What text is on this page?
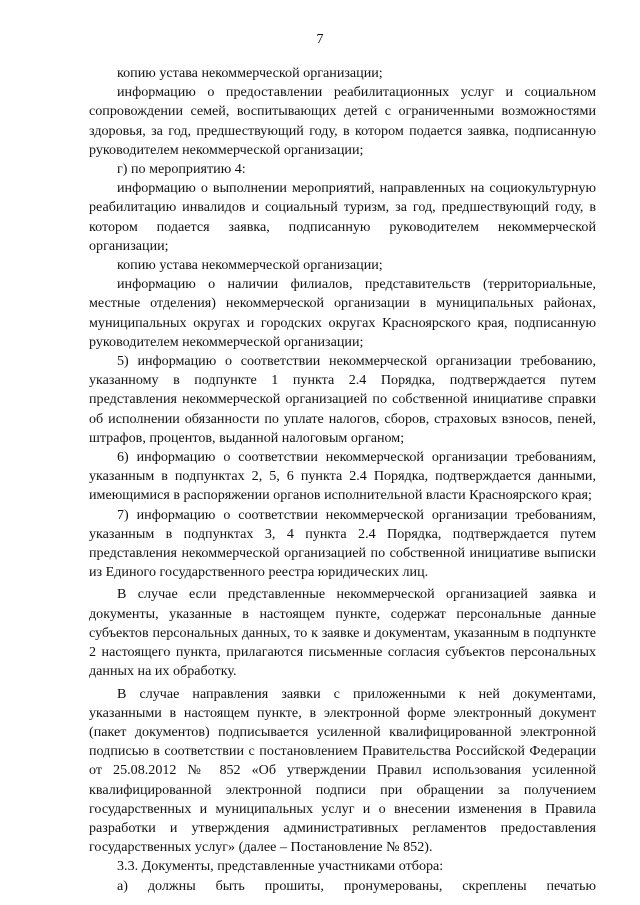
7

копию устава некоммерческой организации;

информацию о предоставлении реабилитационных услуг и социальном сопровождении семей, воспитывающих детей с ограниченными возможностями здоровья, за год, предшествующий году, в котором подается заявка, подписанную руководителем некоммерческой организации;

г) по мероприятию 4:

информацию о выполнении мероприятий, направленных на социокультурную реабилитацию инвалидов и социальный туризм, за год, предшествующий году, в котором подается заявка, подписанную руководителем некоммерческой организации;

копию устава некоммерческой организации;

информацию о наличии филиалов, представительств (территориальные, местные отделения) некоммерческой организации в муниципальных районах, муниципальных округах и городских округах Красноярского края, подписанную руководителем некоммерческой организации;

5) информацию о соответствии некоммерческой организации требованию, указанному в подпункте 1 пункта 2.4 Порядка, подтверждается путем представления некоммерческой организацией по собственной инициативе справки об исполнении обязанности по уплате налогов, сборов, страховых взносов, пеней, штрафов, процентов, выданной налоговым органом;

6) информацию о соответствии некоммерческой организации требованиям, указанным в подпунктах 2, 5, 6 пункта 2.4 Порядка, подтверждается данными, имеющимися в распоряжении органов исполнительной власти Красноярского края;

7) информацию о соответствии некоммерческой организации требованиям, указанным в подпунктах 3, 4 пункта 2.4 Порядка, подтверждается путем представления некоммерческой организацией по собственной инициативе выписки из Единого государственного реестра юридических лиц.

В случае если представленные некоммерческой организацией заявка и документы, указанные в настоящем пункте, содержат персональные данные субъектов персональных данных, то к заявке и документам, указанным в подпункте 2 настоящего пункта, прилагаются письменные согласия субъектов персональных данных на их обработку.

В случае направления заявки с приложенными к ней документами, указанными в настоящем пункте, в электронной форме электронный документ (пакет документов) подписывается усиленной квалифицированной электронной подписью в соответствии с постановлением Правительства Российской Федерации от 25.08.2012 № 852 «Об утверждении Правил использования усиленной квалифицированной электронной подписи при обращении за получением государственных и муниципальных услуг и о внесении изменения в Правила разработки и утверждения административных регламентов предоставления государственных услуг» (далее – Постановление № 852).

3.3. Документы, представленные участниками отбора:

а) должны быть прошиты, пронумерованы, скреплены печатью
